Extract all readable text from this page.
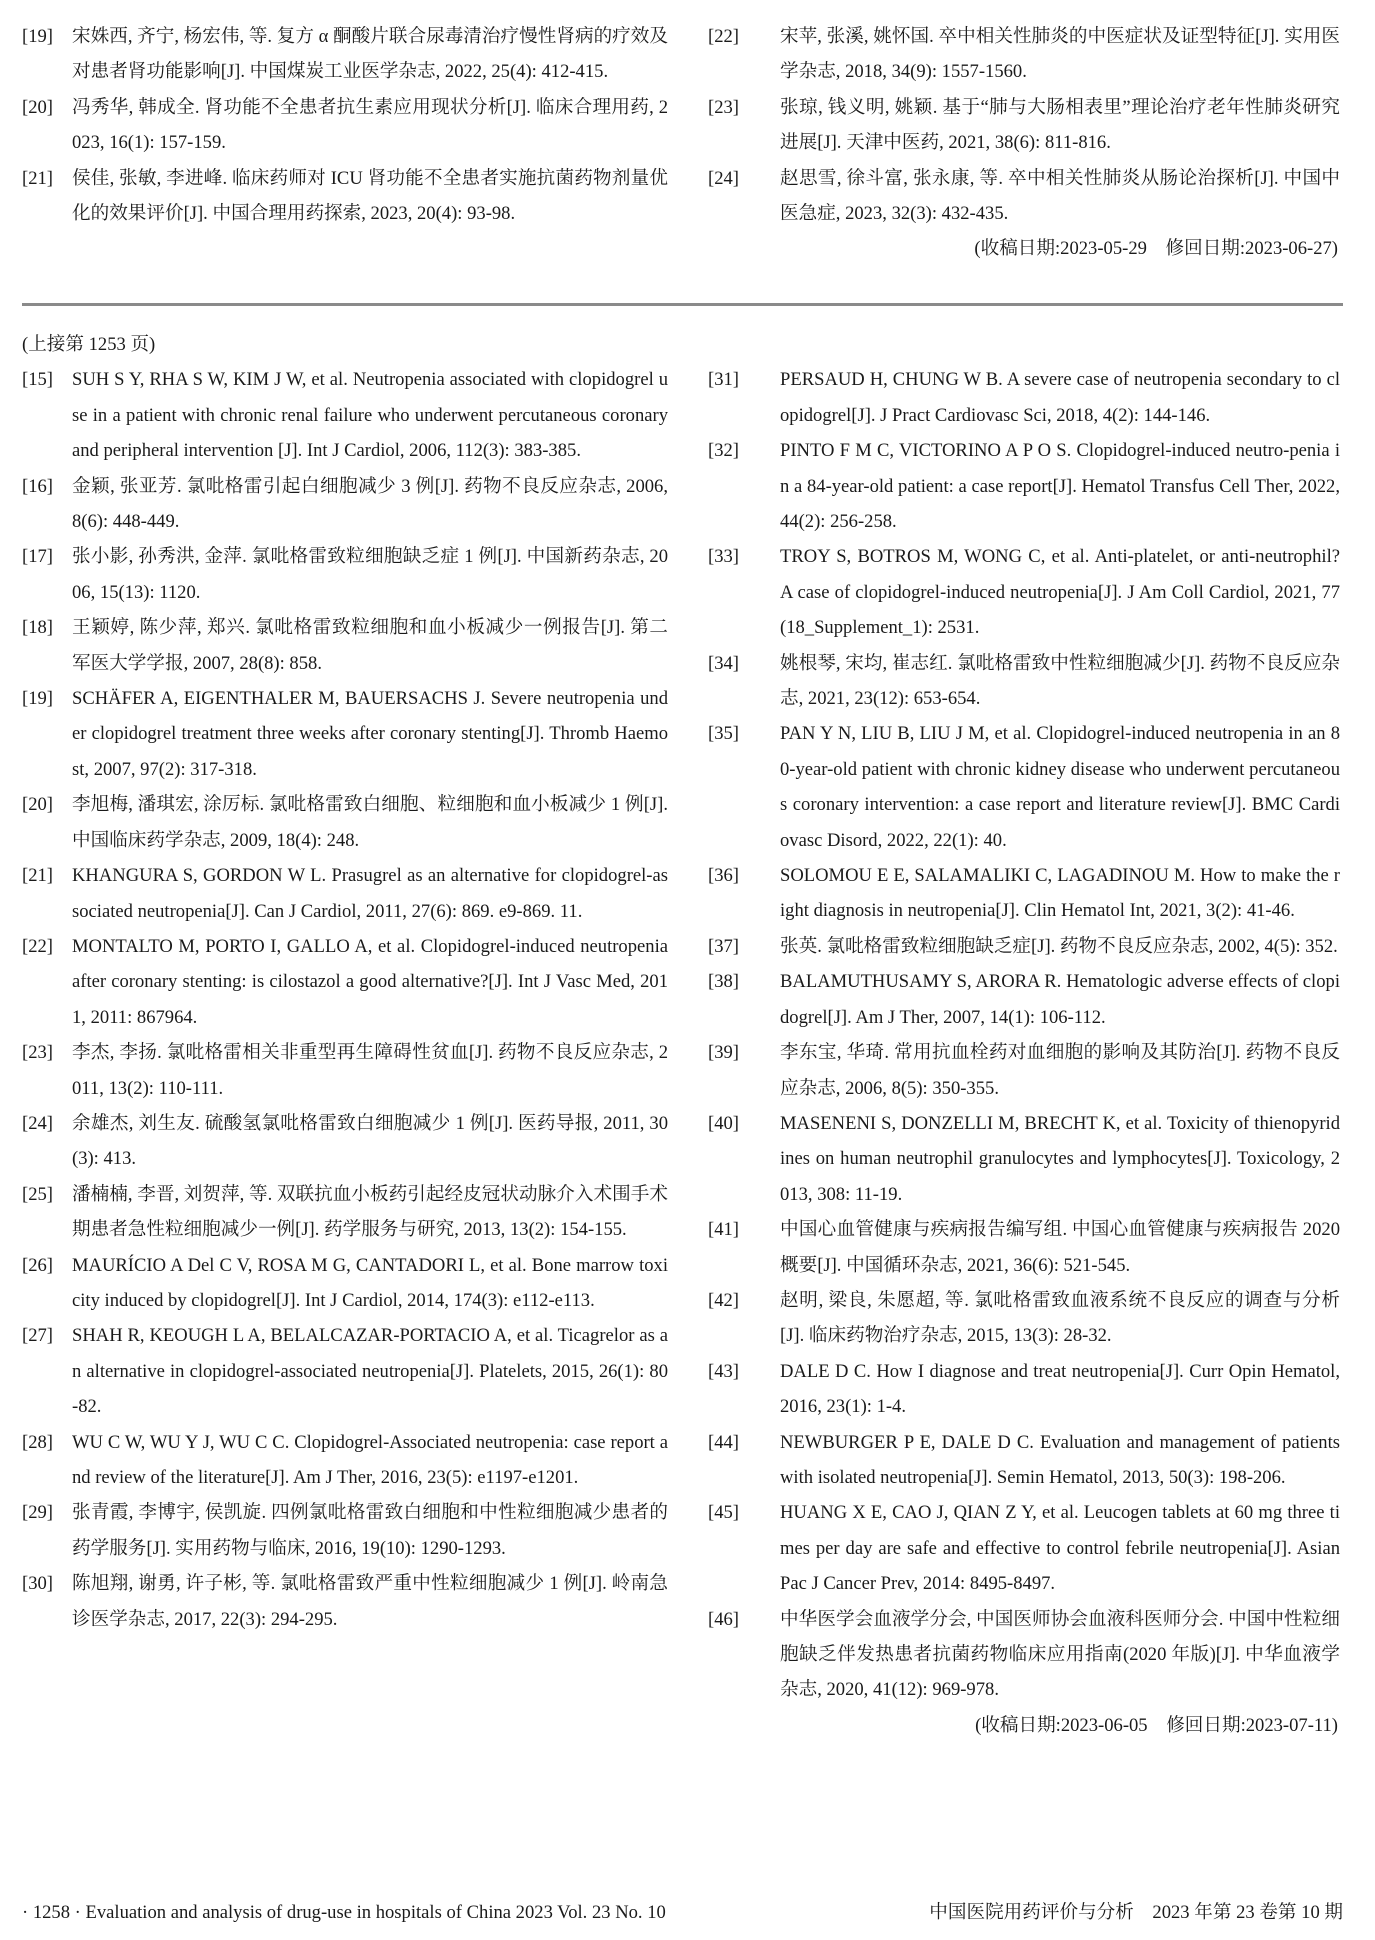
[19] 宋姝西, 齐宁, 杨宏伟, 等. 复方 α 酮酸片联合尿毒清治疗慢性肾病的疗效及对患者肾功能影响[J]. 中国煤炭工业医学杂志, 2022, 25(4): 412-415.
[20] 冯秀华, 韩成全. 肾功能不全患者抗生素应用现状分析[J]. 临床合理用药, 2023, 16(1): 157-159.
[21] 侯佳, 张敏, 李进峰. 临床药师对 ICU 肾功能不全患者实施抗菌药物剂量优化的效果评价[J]. 中国合理用药探索, 2023, 20(4): 93-98.
[22] 宋苹, 张溪, 姚怀国. 卒中相关性肺炎的中医症状及证型特征[J]. 实用医学杂志, 2018, 34(9): 1557-1560.
[23] 张琼, 钱义明, 姚颖. 基于“肺与大肠相表里”理论治疗老年性肺炎研究进展[J]. 天津中医药, 2021, 38(6): 811-816.
[24] 赵思雪, 徐斗富, 张永康, 等. 卒中相关性肺炎从肠论治探析[J]. 中国中医急症, 2023, 32(3): 432-435.
(收稿日期:2023-05-29　修回日期:2023-06-27)
(上接第 1253 页)
[15] SUH S Y, RHA S W, KIM J W, et al. Neutropenia associated with clopidogrel use in a patient with chronic renal failure who underwent percutaneous coronary and peripheral intervention [J]. Int J Cardiol, 2006, 112(3): 383-385.
[16] 金颖, 张亚芳. 氯吡格雷引起白细胞减少 3 例[J]. 药物不良反应杂志, 2006, 8(6): 448-449.
[17] 张小影, 孙秀洪, 金萍. 氯吡格雷致粒细胞缺乏症 1 例[J]. 中国新药杂志, 2006, 15(13): 1120.
[18] 王颖婷, 陈少萍, 郑兴. 氯吡格雷致粒细胞和血小板减少一例报告[J]. 第二军医大学学报, 2007, 28(8): 858.
[19] SCHÄFER A, EIGENTHALER M, BAUERSACHS J. Severe neutropenia under clopidogrel treatment three weeks after coronary stenting[J]. Thromb Haemost, 2007, 97(2): 317-318.
[20] 李旭梅, 潘琪宏, 涂厉标. 氯吡格雷致白细胞、粒细胞和血小板减少 1 例[J]. 中国临床药学杂志, 2009, 18(4): 248.
[21] KHANGURA S, GORDON W L. Prasugrel as an alternative for clopidogrel-associated neutropenia[J]. Can J Cardiol, 2011, 27(6): 869. e9-869. 11.
[22] MONTALTO M, PORTO I, GALLO A, et al. Clopidogrel-induced neutropenia after coronary stenting: is cilostazol a good alternative?[J]. Int J Vasc Med, 2011, 2011: 867964.
[23] 李杰, 李扬. 氯吡格雷相关非重型再生障碍性贫血[J]. 药物不良反应杂志, 2011, 13(2): 110-111.
[24] 余雄杰, 刘生友. 硫酸氢氯吡格雷致白细胞减少 1 例[J]. 医药导报, 2011, 30(3): 413.
[25] 潘楠楠, 李晋, 刘贺萍, 等. 双联抗血小板药引起经皮冠状动脉介入术围手术期患者急性粒细胞减少一例[J]. 药学服务与研究, 2013, 13(2): 154-155.
[26] MAURÍCIO A Del C V, ROSA M G, CANTADORI L, et al. Bone marrow toxicity induced by clopidogrel[J]. Int J Cardiol, 2014, 174(3): e112-e113.
[27] SHAH R, KEOUGH L A, BELALCAZAR-PORTACIO A, et al. Ticagrelor as an alternative in clopidogrel-associated neutropenia[J]. Platelets, 2015, 26(1): 80-82.
[28] WU C W, WU Y J, WU C C. Clopidogrel-Associated neutropenia: case report and review of the literature[J]. Am J Ther, 2016, 23(5): e1197-e1201.
[29] 张青霞, 李博宇, 侯凯旋. 四例氯吡格雷致白细胞和中性粒细胞减少患者的药学服务[J]. 实用药物与临床, 2016, 19(10): 1290-1293.
[30] 陈旭翔, 谢勇, 许子彬, 等. 氯吡格雷致严重中性粒细胞减少 1 例[J]. 岭南急诊医学杂志, 2017, 22(3): 294-295.
[31] PERSAUD H, CHUNG W B. A severe case of neutropenia secondary to clopidogrel[J]. J Pract Cardiovasc Sci, 2018, 4(2): 144-146.
[32] PINTO F M C, VICTORINO A P O S. Clopidogrel-induced neutro-penia in a 84-year-old patient: a case report[J]. Hematol Transfus Cell Ther, 2022, 44(2): 256-258.
[33] TROY S, BOTROS M, WONG C, et al. Anti-platelet, or anti-neutrophil? A case of clopidogrel-induced neutropenia[J]. J Am Coll Cardiol, 2021, 77(18_Supplement_1): 2531.
[34] 姚根琴, 宋均, 崔志红. 氯吡格雷致中性粒细胞减少[J]. 药物不良反应杂志, 2021, 23(12): 653-654.
[35] PAN Y N, LIU B, LIU J M, et al. Clopidogrel-induced neutropenia in an 80-year-old patient with chronic kidney disease who underwent percutaneous coronary intervention: a case report and literature review[J]. BMC Cardiovasc Disord, 2022, 22(1): 40.
[36] SOLOMOU E E, SALAMALIKI C, LAGADINOU M. How to make the right diagnosis in neutropenia[J]. Clin Hematol Int, 2021, 3(2): 41-46.
[37] 张英. 氯吡格雷致粒细胞缺乏症[J]. 药物不良反应杂志, 2002, 4(5): 352.
[38] BALAMUTHUSAMY S, ARORA R. Hematologic adverse effects of clopidogrel[J]. Am J Ther, 2007, 14(1): 106-112.
[39] 李东宝, 华琦. 常用抗血栓药对血细胞的影响及其防治[J]. 药物不良反应杂志, 2006, 8(5): 350-355.
[40] MASENENI S, DONZELLI M, BRECHT K, et al. Toxicity of thienopyridines on human neutrophil granulocytes and lymphocytes[J]. Toxicology, 2013, 308: 11-19.
[41] 中国心血管健康与疾病报告编写组. 中国心血管健康与疾病报告 2020 概要[J]. 中国循环杂志, 2021, 36(6): 521-545.
[42] 赵明, 梁良, 朱愿超, 等. 氯吡格雷致血液系统不良反应的调查与分析[J]. 临床药物治疗杂志, 2015, 13(3): 28-32.
[43] DALE D C. How I diagnose and treat neutropenia[J]. Curr Opin Hematol, 2016, 23(1): 1-4.
[44] NEWBURGER P E, DALE D C. Evaluation and management of patients with isolated neutropenia[J]. Semin Hematol, 2013, 50(3): 198-206.
[45] HUANG X E, CAO J, QIAN Z Y, et al. Leucogen tablets at 60 mg three times per day are safe and effective to control febrile neutropenia[J]. Asian Pac J Cancer Prev, 2014: 8495-8497.
[46] 中华医学会血液学分会, 中国医师协会血液科医师分会. 中国中性粒细胞缺乏伴发热患者抗菌药物临床应用指南(2020 年版)[J]. 中华血液学杂志, 2020, 41(12): 969-978.
(收稿日期:2023-06-05　修回日期:2023-07-11)
· 1258 · Evaluation and analysis of drug-use in hospitals of China 2023 Vol. 23 No. 10	中国医院用药评价与分析　2023 年第 23 卷第 10 期
